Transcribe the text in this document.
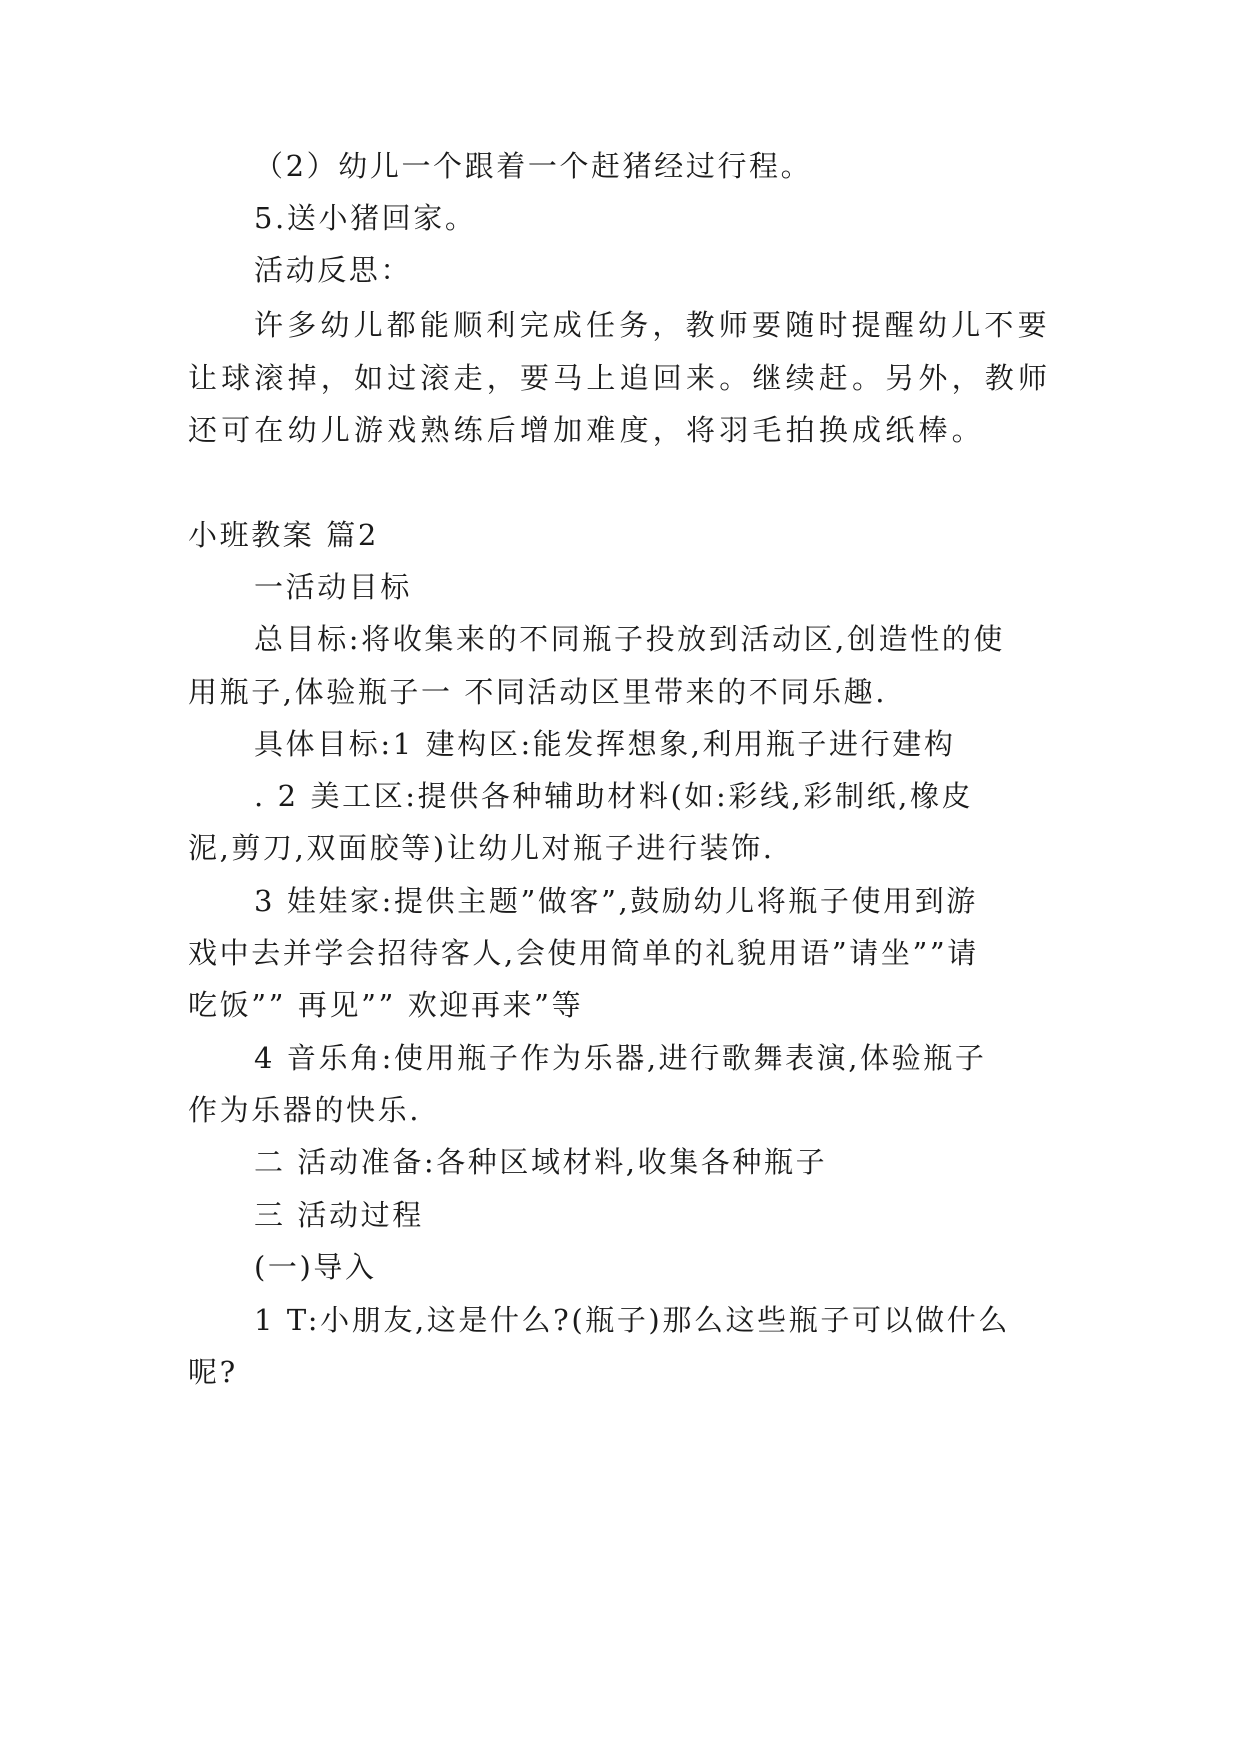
（2）幼儿一个跟着一个赶猪经过行程。
5.送小猪回家。
活动反思：
许多幼儿都能顺利完成任务，教师要随时提醒幼儿不要
让球滚掉，如过滚走，要马上追回来。继续赶。另外，教师
还可在幼儿游戏熟练后增加难度，将羽毛拍换成纸棒。
小班教案 篇2
一活动目标
总目标:将收集来的不同瓶子投放到活动区,创造性的使
用瓶子,体验瓶子一 不同活动区里带来的不同乐趣.
具体目标:1 建构区:能发挥想象,利用瓶子进行建构
. 2 美工区:提供各种辅助材料(如:彩线,彩制纸,橡皮
泥,剪刀,双面胶等)让幼儿对瓶子进行装饰.
3 娃娃家:提供主题”做客”,鼓励幼儿将瓶子使用到游
戏中去并学会招待客人,会使用简单的礼貌用语”请坐””请
吃饭”” 再见”” 欢迎再来”等
4 音乐角:使用瓶子作为乐器,进行歌舞表演,体验瓶子
作为乐器的快乐.
二 活动准备:各种区域材料,收集各种瓶子
三 活动过程
(一)导入
1 T:小朋友,这是什么?(瓶子)那么这些瓶子可以做什么
呢?
